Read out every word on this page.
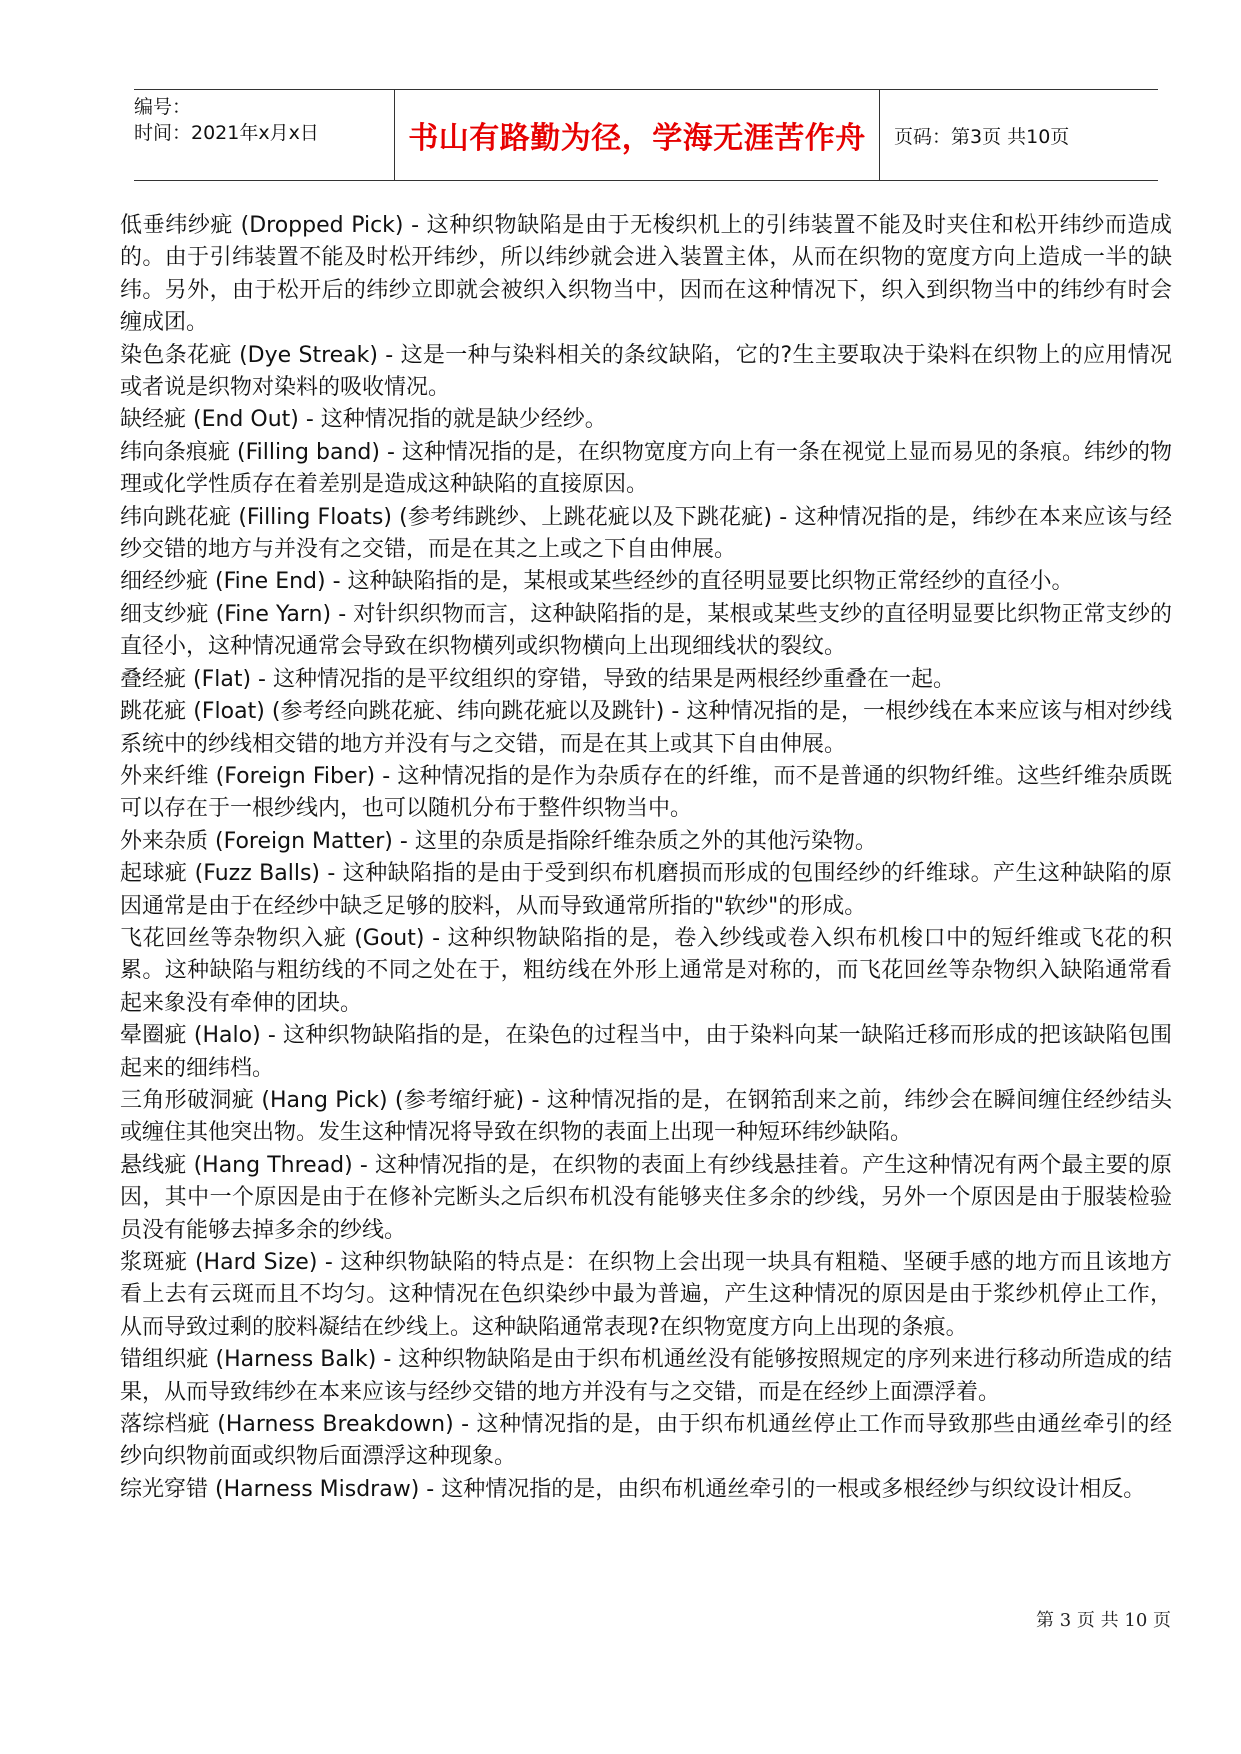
编号：
时间：2021年x月x日	书山有路勤为径，学海无涯苦作舟	页码：第3页 共10页

低垂纬纱疵 (Dropped Pick) - 这种织物缺陷是由于无梭织机上的引纬装置不能及时夹住和松开纬纱而造成的。由于引纬装置不能及时松开纬纱，所以纬纱就会进入装置主体，从而在织物的宽度方向上造成一半的缺纬。另外，由于松开后的纬纱立即就会被织入织物当中，因而在这种情况下，织入到织物当中的纬纱有时会缠成团。

染色条花疵 (Dye Streak) - 这是一种与染料相关的条纹缺陷，它的?生主要取决于染料在织物上的应用情况或者说是织物对染料的吸收情况。

缺经疵 (End Out) - 这种情况指的就是缺少经纱。

纬向条痕疵 (Filling band) - 这种情况指的是，在织物宽度方向上有一条在视觉上显而易见的条痕。纬纱的物理或化学性质存在着差别是造成这种缺陷的直接原因。

纬向跳花疵 (Filling Floats) (参考纬跳纱、上跳花疵以及下跳花疵) - 这种情况指的是，纬纱在本来应该与经纱交错的地方与并没有之交错，而是在其之上或之下自由伸展。

细经纱疵 (Fine End) - 这种缺陷指的是，某根或某些经纱的直径明显要比织物正常经纱的直径小。

细支纱疵 (Fine Yarn) - 对针织织物而言，这种缺陷指的是，某根或某些支纱的直径明显要比织物正常支纱的直径小，这种情况通常会导致在织物横列或织物横向上出现细线状的裂纹。

叠经疵 (Flat) - 这种情况指的是平纹组织的穿错，导致的结果是两根经纱重叠在一起。

跳花疵 (Float) (参考经向跳花疵、纬向跳花疵以及跳针) - 这种情况指的是，一根纱线在本来应该与相对纱线系统中的纱线相交错的地方并没有与之交错，而是在其上或其下自由伸展。

外来纤维 (Foreign Fiber) - 这种情况指的是作为杂质存在的纤维，而不是普通的织物纤维。这些纤维杂质既可以存在于一根纱线内，也可以随机分布于整件织物当中。

外来杂质 (Foreign Matter) - 这里的杂质是指除纤维杂质之外的其他污染物。

起球疵 (Fuzz Balls) - 这种缺陷指的是由于受到织布机磨损而形成的包围经纱的纤维球。产生这种缺陷的原因通常是由于在经纱中缺乏足够的胶料，从而导致通常所指的"软纱"的形成。

飞花回丝等杂物织入疵 (Gout) - 这种织物缺陷指的是，卷入纱线或卷入织布机梭口中的短纤维或飞花的积累。这种缺陷与粗纺线的不同之处在于，粗纺线在外形上通常是对称的，而飞花回丝等杂物织入缺陷通常看起来象没有牵伸的团块。

晕圈疵 (Halo) - 这种织物缺陷指的是，在染色的过程当中，由于染料向某一缺陷迁移而形成的把该缺陷包围起来的细纬档。

三角形破洞疵 (Hang Pick) (参考缩纡疵) - 这种情况指的是，在钢筘刮来之前，纬纱会在瞬间缠住经纱结头或缠住其他突出物。发生这种情况将导致在织物的表面上出现一种短环纬纱缺陷。

悬线疵 (Hang Thread) - 这种情况指的是，在织物的表面上有纱线悬挂着。产生这种情况有两个最主要的原因，其中一个原因是由于在修补完断头之后织布机没有能够夹住多余的纱线，另外一个原因是由于服装检验员没有能够去掉多余的纱线。

浆斑疵 (Hard Size) - 这种织物缺陷的特点是：在织物上会出现一块具有粗糙、坚硬手感的地方而且该地方看上去有云斑而且不均匀。这种情况在色织染纱中最为普遍，产生这种情况的原因是由于浆纱机停止工作，从而导致过剩的胶料凝结在纱线上。这种缺陷通常表现?在织物宽度方向上出现的条痕。

错组织疵 (Harness Balk) - 这种织物缺陷是由于织布机通丝没有能够按照规定的序列来进行移动所造成的结果，从而导致纬纱在本来应该与经纱交错的地方并没有与之交错，而是在经纱上面漂浮着。

落综档疵 (Harness Breakdown) - 这种情况指的是，由于织布机通丝停止工作而导致那些由通丝牵引的经纱向织物前面或织物后面漂浮这种现象。

综光穿错 (Harness Misdraw) - 这种情况指的是，由织布机通丝牵引的一根或多根经纱与织纹设计相反。

第 3 页 共 10 页
